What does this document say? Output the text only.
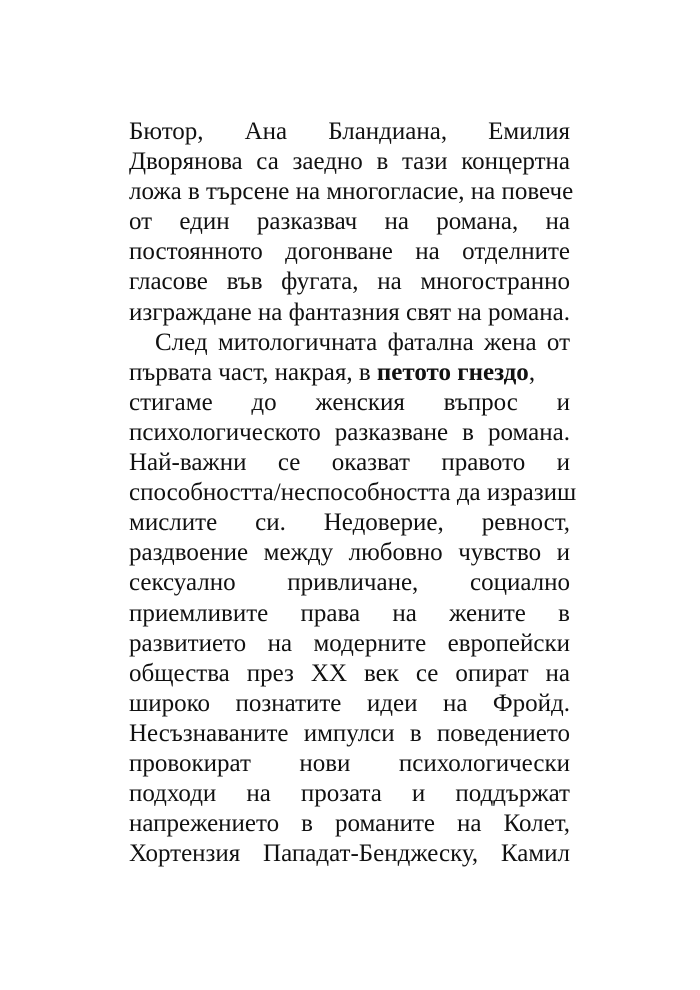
Бютор, Ана Бландиана, Емилия
Дворянова са заедно в тази концертна
ложа в търсене на многогласие, на повече
от един разказвач на романа, на
постоянното догонване на отделните
гласове във фугата, на многостранно
изграждане на фантазния свят на романа.
След митологичната фатална жена от
първата част, накрая, в петото гнездо,
стигаме до женския въпрос и
психологическото разказване в романа.
Най-важни се оказват правото и
способността/неспособността да изразиш
мислите си. Недоверие, ревност,
раздвоение между любовно чувство и
сексуално привличане, социално
приемливите права на жените в
развитието на модерните европейски
общества през XX век се опират на
широко познатите идеи на Фройд.
Несъзнаваните импулси в поведението
провокират нови психологически
подходи на прозата и поддържат
напрежението в романите на Колет,
Хортензия Пападат-Бенджеску, Камил
